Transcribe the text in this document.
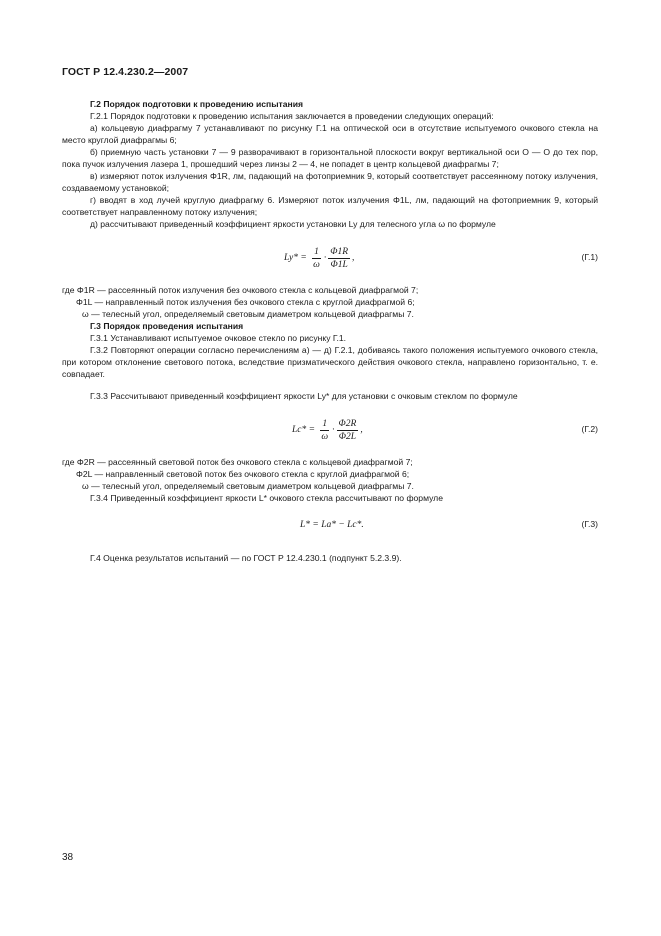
ГОСТ Р 12.4.230.2—2007

Г.2 Порядок подготовки к проведению испытания

Г.2.1 Порядок подготовки к проведению испытания заключается в проведении следующих операций:

а) кольцевую диафрагму 7 устанавливают по рисунку Г.1 на оптической оси в отсутствие испытуемого очкового стекла на место круглой диафрагмы 6;

б) приемную часть установки 7 — 9 разворачивают в горизонтальной плоскости вокруг вертикальной оси О — О до тех пор, пока пучок излучения лазера 1, прошедший через линзы 2 — 4, не попадет в центр кольцевой диафрагмы 7;

в) измеряют поток излучения Φ1R, лм, падающий на фотоприемник 9, который соответствует рассеянному потоку излучения, создаваемому установкой;

г) вводят в ход лучей круглую диафрагму 6. Измеряют поток излучения Φ1L, лм, падающий на фотоприемник 9, который соответствует направленному потоку излучения;

д) рассчитывают приведенный коэффициент яркости установки Ly для телесного угла ω по формуле

Ly* =
$\frac{1}{\omega} \cdot \frac{\Phi 1R}{\Phi 1L}$ ,	(Г.1)

где Φ1R — рассеянный поток излучения без очкового стекла с кольцевой диафрагмой 7;

Φ1L — направленный поток излучения без очкового стекла с круглой диафрагмой 6;

ω — телесный угол, определяемый световым диаметром кольцевой диафрагмы 7.

Г.3 Порядок проведения испытания

Г.3.1 Устанавливают испытуемое очковое стекло по рисунку Г.1.

Г.3.2 Повторяют операции согласно перечислениям а) — д) Г.2.1, добиваясь такого положения испытуемого очкового стекла, при котором отклонение светового потока, вследствие призматического действия очкового стекла, направлено горизонтально, т. е. совпадает.

Г.3.3 Рассчитывают приведенный коэффициент яркости Ly* для установки с очковым стеклом по формуле

Lc* =
$\frac{1}{\omega} \cdot \frac{\Phi 2R}{\Phi 2L}$ ,	(Г.2)

где Φ2R — рассеянный световой поток без очкового стекла с кольцевой диафрагмой 7;

Φ2L — направленный световой поток без очкового стекла с круглой диафрагмой 6;

ω — телесный угол, определяемый световым диаметром кольцевой диафрагмы 7.

Г.3.4 Приведенный коэффициент яркости L* очкового стекла рассчитывают по формуле

L* = La* − Lc*.	(Г.3)

Г.4 Оценка результатов испытаний — по ГОСТ Р 12.4.230.1 (подпункт 5.2.3.9).

38
